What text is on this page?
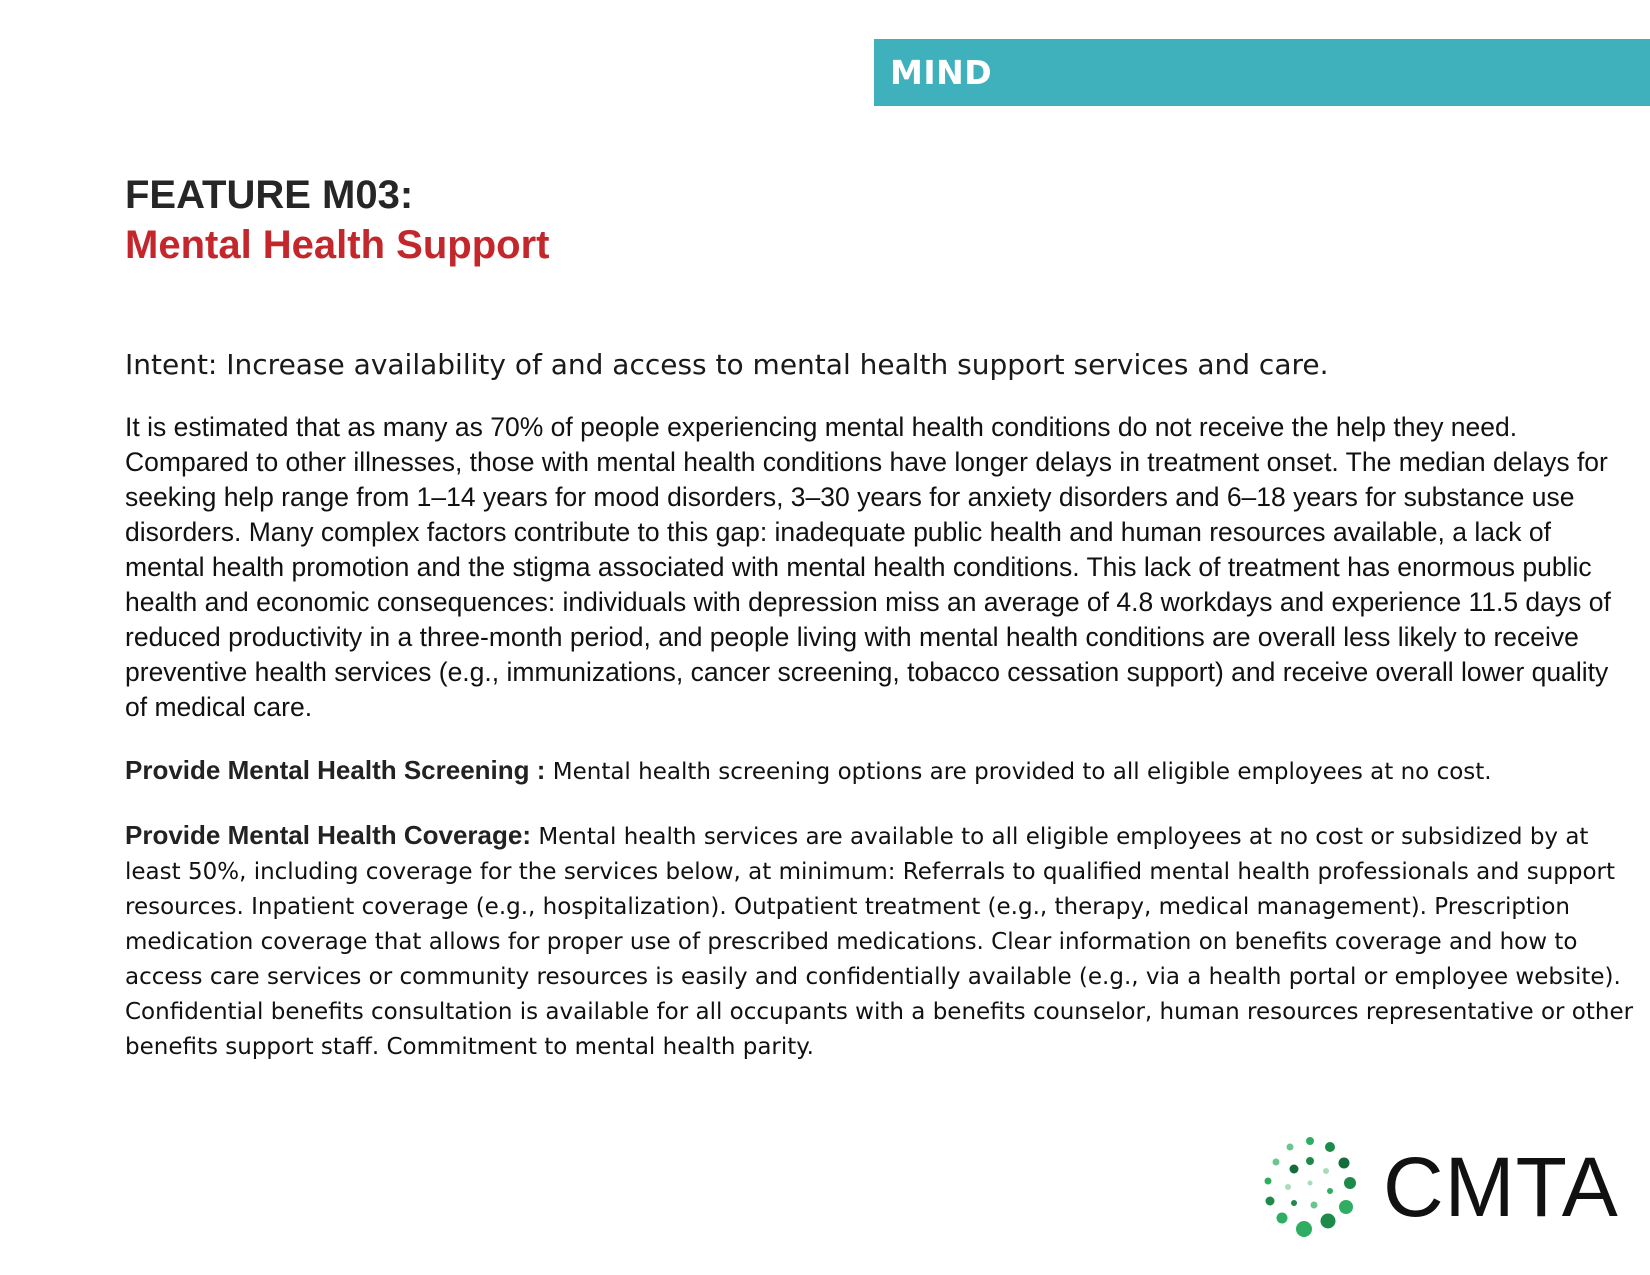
MIND
FEATURE M03:
Mental Health Support
Intent: Increase availability of and access to mental health support services and care.

It is estimated that as many as 70% of people experiencing mental health conditions do not receive the help they need. Compared to other illnesses, those with mental health conditions have longer delays in treatment onset. The median delays for seeking help range from 1–14 years for mood disorders, 3–30 years for anxiety disorders and 6–18 years for substance use disorders. Many complex factors contribute to this gap: inadequate public health and human resources available, a lack of mental health promotion and the stigma associated with mental health conditions. This lack of treatment has enormous public health and economic consequences: individuals with depression miss an average of 4.8 workdays and experience 11.5 days of reduced productivity in a three-month period, and people living with mental health conditions are overall less likely to receive preventive health services (e.g., immunizations, cancer screening, tobacco cessation support) and receive overall lower quality of medical care.

Provide Mental Health Screening : Mental health screening options are provided to all eligible employees at no cost.

Provide Mental Health Coverage: Mental health services are available to all eligible employees at no cost or subsidized by at least 50%, including coverage for the services below, at minimum: Referrals to qualified mental health professionals and support resources. Inpatient coverage (e.g., hospitalization). Outpatient treatment (e.g., therapy, medical management). Prescription medication coverage that allows for proper use of prescribed medications. Clear information on benefits coverage and how to access care services or community resources is easily and confidentially available (e.g., via a health portal or employee website). Confidential benefits consultation is available for all occupants with a benefits counselor, human resources representative or other benefits support staff. Commitment to mental health parity.

CMTA
